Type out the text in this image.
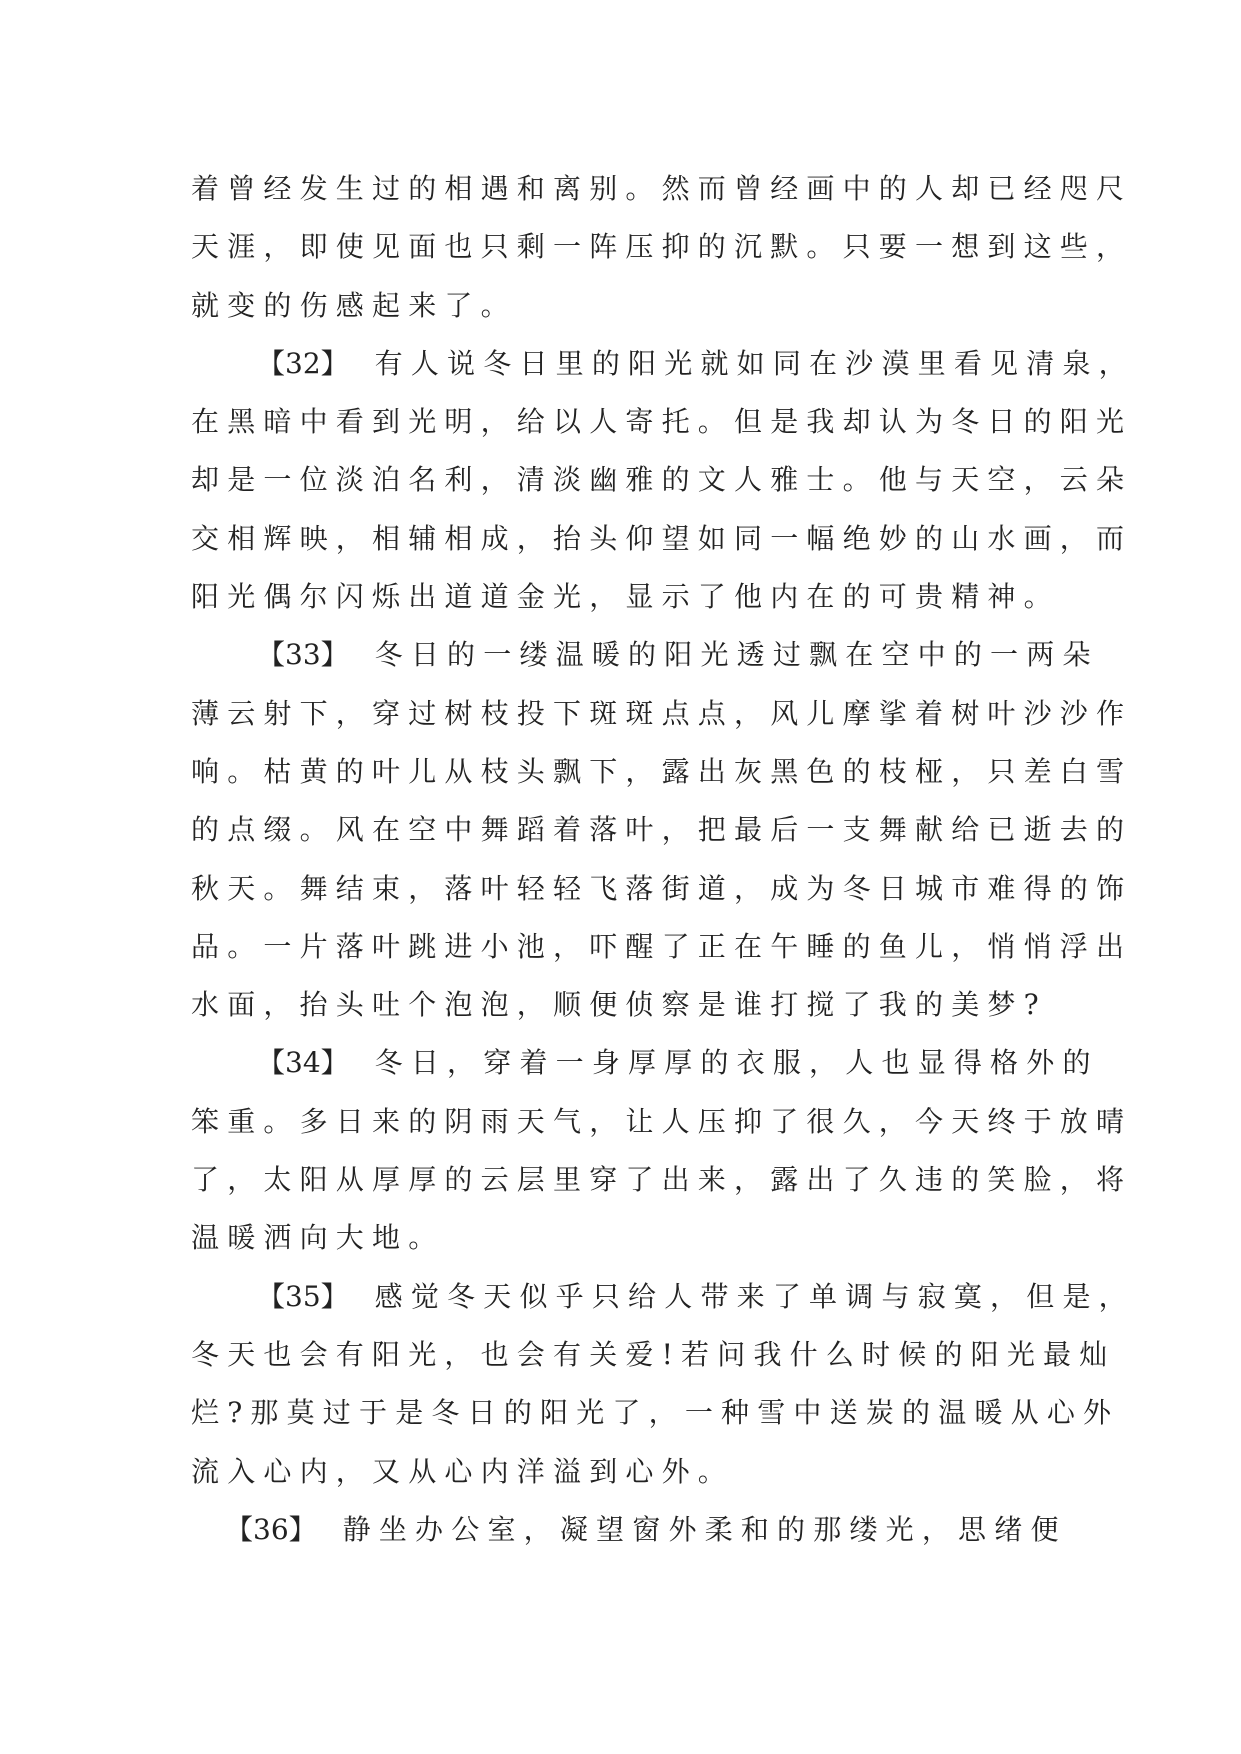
着曾经发生过的相遇和离别。然而曾经画中的人却已经咫尺
天涯，即使见面也只剩一阵压抑的沉默。只要一想到这些，
就变的伤感起来了。
【32】 有人说冬日里的阳光就如同在沙漠里看见清泉，
在黑暗中看到光明，给以人寄托。但是我却认为冬日的阳光
却是一位淡泊名利，清淡幽雅的文人雅士。他与天空，云朵
交相辉映，相辅相成，抬头仰望如同一幅绝妙的山水画，而
阳光偶尔闪烁出道道金光，显示了他内在的可贵精神。
【33】 冬日的一缕温暖的阳光透过飘在空中的一两朵
薄云射下，穿过树枝投下斑斑点点，风儿摩挲着树叶沙沙作
响。枯黄的叶儿从枝头飘下，露出灰黑色的枝桠，只差白雪
的点缀。风在空中舞蹈着落叶，把最后一支舞献给已逝去的
秋天。舞结束，落叶轻轻飞落街道，成为冬日城市难得的饰
品。一片落叶跳进小池，吓醒了正在午睡的鱼儿，悄悄浮出
水面，抬头吐个泡泡，顺便侦察是谁打搅了我的美梦?
【34】 冬日，穿着一身厚厚的衣服，人也显得格外的
笨重。多日来的阴雨天气，让人压抑了很久，今天终于放晴
了，太阳从厚厚的云层里穿了出来，露出了久违的笑脸，将
温暖洒向大地。
【35】 感觉冬天似乎只给人带来了单调与寂寞，但是，
冬天也会有阳光，也会有关爱!若问我什么时候的阳光最灿
烂?那莫过于是冬日的阳光了，一种雪中送炭的温暖从心外
流入心内，又从心内洋溢到心外。
【36】 静坐办公室，凝望窗外柔和的那缕光，思绪便
